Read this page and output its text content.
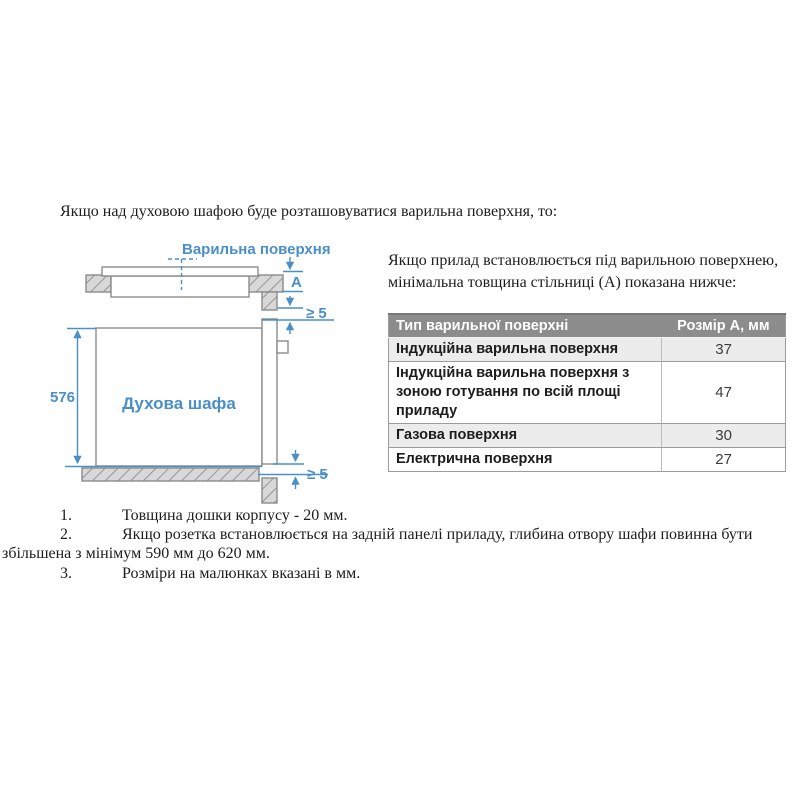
Якщо над духовою шафою буде розташовуватися варильна поверхня, то:

A
≥ 5
576
≥ 5
Варильна поверхня
Духова шафа
Якщо прилад встановлюється під варильною поверхнею, мінімальна товщина стільниці (А) показана нижче:
Тип варильної поверхні	Розмір А, мм
Індукційна варильна поверхня	37
Індукційна варильна поверхня з зоною готування по всій площі приладу	47
Газова поверхня	30
Електрична поверхня	27

1.	Товщина дошки корпусу - 20 мм.

2.	Якщо розетка встановлюється на задній панелі приладу, глибина отвору шафи повинна бути збільшена з мінімум 590 мм до 620 мм.

3.	Розміри на малюнках вказані в мм.
